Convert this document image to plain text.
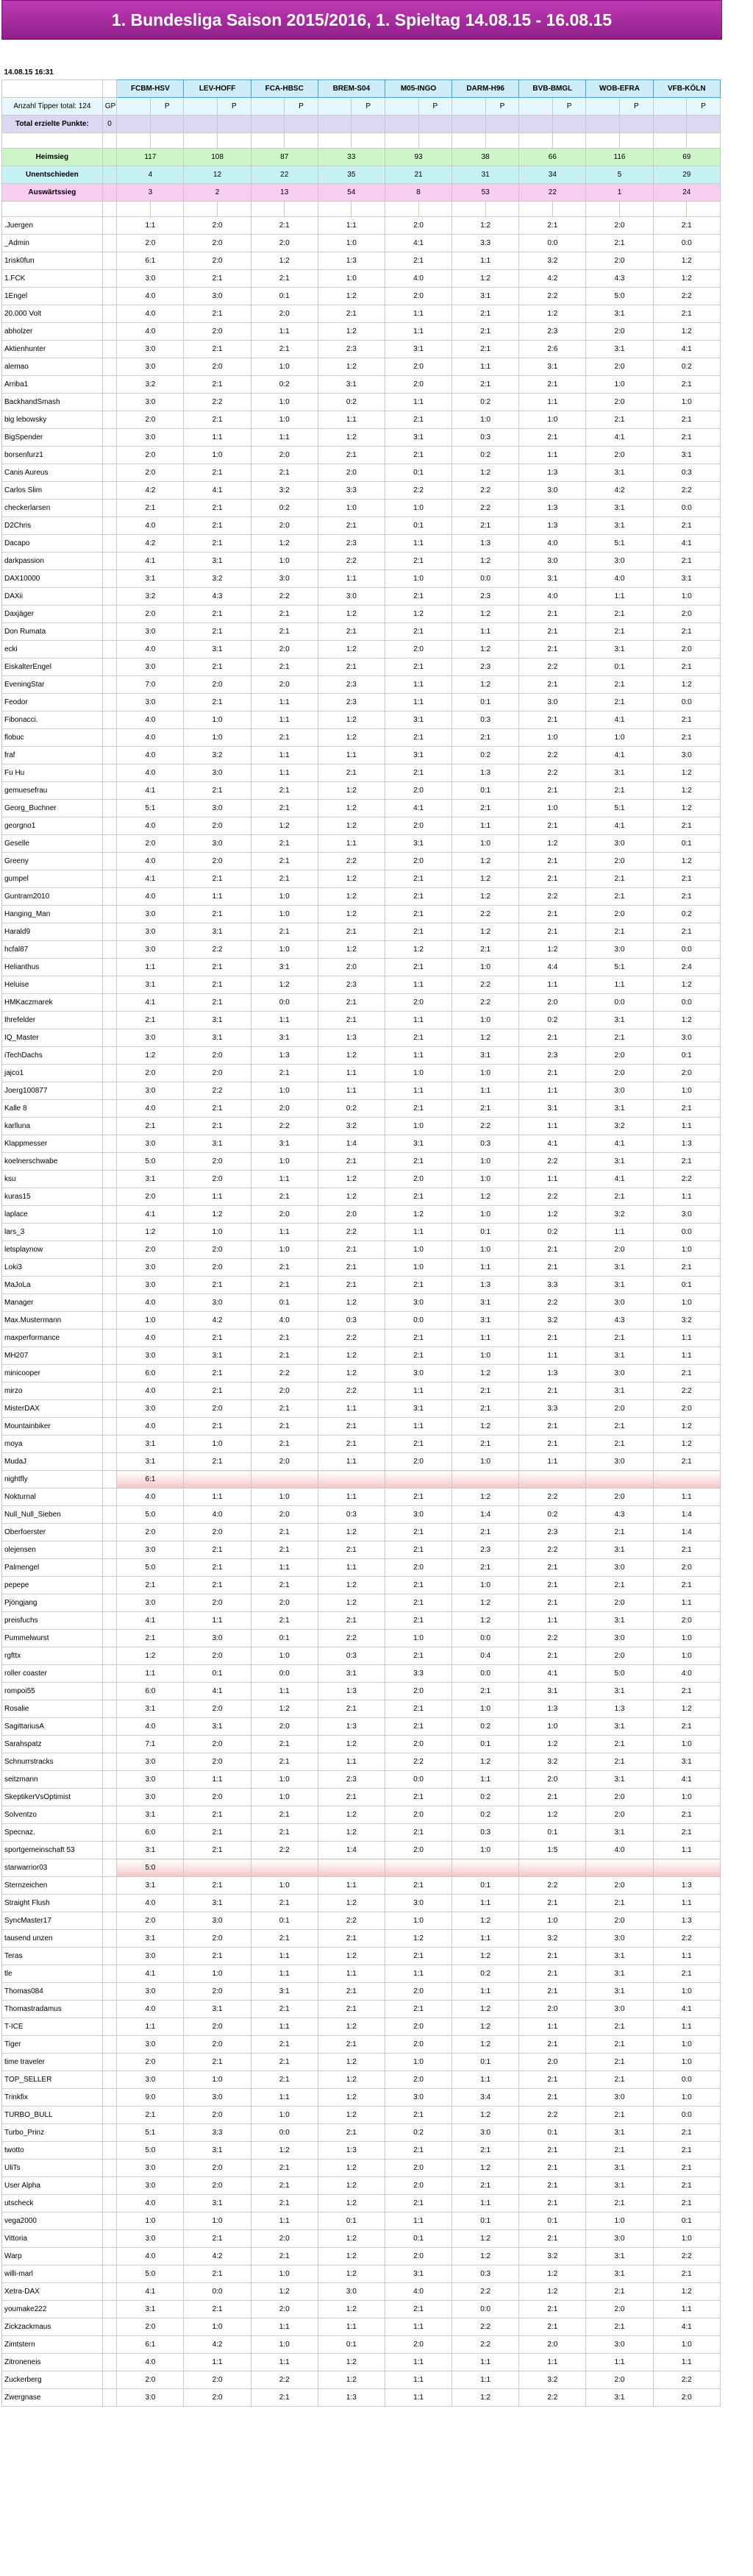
1. Bundesliga Saison 2015/2016, 1. Spieltag 14.08.15 - 16.08.15
14.08.15 16:31																			
		FCBM-HSV		LEV-HOFF		FCA-HBSC		BREM-S04		M05-INGO		DARM-H96		BVB-BMGL		WOB-EFRA		VFB-KÖLN	
Anzahl Tipper total: 124	GP		P		P		P		P		P		P		P		P		P
Total erzielte Punkte:	0																		

Heimsieg		117		108		87		33		93		38		66		116		69	
Unentschieden		4		12		22		35		21		31		34		5		29	
Auswärtssieg		3		2		13		54		8		53		22		1		24	

.Juergen		1:1		2:0		2:1		1:1		2:0		1:2		2:1		2:0		2:1	
_Admin		2:0		2:0		2:0		1:0		4:1		3:3		0:0		2:1		0:0	
1risk0fun		6:1		2:0		1:2		1:3		2:1		1:1		3:2		2:0		1:2	
1.FCK		3:0		2:1		2:1		1:0		4:0		1:2		4:2		4:3		1:2	
1Engel		4:0		3:0		0:1		1:2		2:0		3:1		2:2		5:0		2:2	
20.000 Volt		4:0		2:1		2:0		2:1		1:1		2:1		1:2		3:1		2:1	
abholzer		4:0		2:0		1:1		1:2		1:1		2:1		2:3		2:0		1:2	
Aktienhunter		3:0		2:1		2:1		2:3		3:1		2:1		2:6		3:1		4:1	
alemao		3:0		2:0		1:0		1:2		2:0		1:1		3:1		2:0		0:2	
Arriba1		3:2		2:1		0:2		3:1		2:0		2:1		2:1		1:0		2:1	
BackhandSmash		3:0		2:2		1:0		0:2		1:1		0:2		1:1		2:0		1:0	
big lebowsky		2:0		2:1		1:0		1:1		2:1		1:0		1:0		2:1		2:1	
BigSpender		3:0		1:1		1:1		1:2		3:1		0:3		2:1		4:1		2:1	
borsenfurz1		2:0		1:0		2:0		2:1		2:1		0:2		1:1		2:0		3:1	
Canis Aureus		2:0		2:1		2:1		2:0		0:1		1:2		1:3		3:1		0:3	
Carlos Slim		4:2		4:1		3:2		3:3		2:2		2:2		3:0		4:2		2:2	
checkerlarsen		2:1		2:1		0:2		1:0		1:0		2:2		1:3		3:1		0:0	
D2Chris		4:0		2:1		2:0		2:1		0:1		2:1		1:3		3:1		2:1	
Dacapo		4:2		2:1		1:2		2:3		1:1		1:3		4:0		5:1		4:1	
darkpassion		4:1		3:1		1:0		2:2		2:1		1:2		3:0		3:0		2:1	
DAX10000		3:1		3:2		3:0		1:1		1:0		0:0		3:1		4:0		3:1	
DAXii		3:2		4:3		2:2		3:0		2:1		2:3		4:0		1:1		1:0	
Daxjäger		2:0		2:1		2:1		1:2		1:2		1:2		2:1		2:1		2:0	
Don Rumata		3:0		2:1		2:1		2:1		2:1		1:1		2:1		2:1		2:1	
ecki		4:0		3:1		2:0		1:2		2:0		1:2		2:1		3:1		2:0	
EiskalterEngel		3:0		2:1		2:1		2:1		2:1		2:3		2:2		0:1		2:1	
EveningStar		7:0		2:0		2:0		2:3		1:1		1:2		2:1		2:1		1:2	
Feodor		3:0		2:1		1:1		2:3		1:1		0:1		3:0		2:1		0:0	
Fibonacci.		4:0		1:0		1:1		1:2		3:1		0:3		2:1		4:1		2:1	
flobuc		4:0		1:0		2:1		1:2		2:1		2:1		1:0		1:0		2:1	
fraf		4:0		3:2		1:1		1:1		3:1		0:2		2:2		4:1		3:0	
Fu Hu		4:0		3:0		1:1		2:1		2:1		1:3		2:2		3:1		1:2	
gemuesefrau		4:1		2:1		2:1		1:2		2:0		0:1		2:1		2:1		1:2	
Georg_Buchner		5:1		3:0		2:1		1:2		4:1		2:1		1:0		5:1		1:2	
georgno1		4:0		2:0		1:2		1:2		2:0		1:1		2:1		4:1		2:1	
Geselle		2:0		3:0		2:1		1:1		3:1		1:0		1:2		3:0		0:1	
Greeny		4:0		2:0		2:1		2:2		2:0		1:2		2:1		2:0		1:2	
gumpel		4:1		2:1		2:1		1:2		2:1		1:2		2:1		2:1		2:1	
Guntram2010		4:0		1:1		1:0		1:2		2:1		1:2		2:2		2:1		2:1	
Hanging_Man		3:0		2:1		1:0		1:2		2:1		2:2		2:1		2:0		0:2	
Harald9		3:0		3:1		2:1		2:1		2:1		1:2		2:1		2:1		2:1	
hcfal87		3:0		2:2		1:0		1:2		1:2		2:1		1:2		3:0		0:0	
Helianthus		1:1		2:1		3:1		2:0		2:1		1:0		4:4		5:1		2:4	
Heluise		3:1		2:1		1:2		2:3		1:1		2:2		1:1		1:1		1:2	
HMKaczmarek		4:1		2:1		0:0		2:1		2:0		2:2		2:0		0:0		0:0	
Ihrefelder		2:1		3:1		1:1		2:1		1:1		1:0		0:2		3:1		1:2	
IQ_Master		3:0		3:1		3:1		1:3		2:1		1:2		2:1		2:1		3:0	
iTechDachs		1:2		2:0		1:3		1:2		1:1		3:1		2:3		2:0		0:1	
jajco1		2:0		2:0		2:1		1:1		1:0		1:0		2:1		2:0		2:0	
Joerg100877		3:0		2:2		1:0		1:1		1:1		1:1		1:1		3:0		1:0	
Kalle 8		4:0		2:1		2:0		0:2		2:1		2:1		3:1		3:1		2:1	
karlluna		2:1		2:1		2:2		3:2		1:0		2:2		1:1		3:2		1:1	
Klappmesser		3:0		3:1		3:1		1:4		3:1		0:3		4:1		4:1		1:3	
koelnerschwabe		5:0		2:0		1:0		2:1		2:1		1:0		2:2		3:1		2:1	
ksu		3:1		2:0		1:1		1:2		2:0		1:0		1:1		4:1		2:2	
kuras15		2:0		1:1		2:1		1:2		2:1		1:2		2:2		2:1		1:1	
laplace		4:1		1:2		2:0		2:0		1:2		1:0		1:2		3:2		3:0	
lars_3		1:2		1:0		1:1		2:2		1:1		0:1		0:2		1:1		0:0	
letsplaynow		2:0		2:0		1:0		2:1		1:0		1:0		2:1		2:0		1:0	
Loki3		3:0		2:0		2:1		2:1		1:0		1:1		2:1		3:1		2:1	
MaJoLa		3:0		2:1		2:1		2:1		2:1		1:3		3:3		3:1		0:1	
Manager		4:0		3:0		0:1		1:2		3:0		3:1		2:2		3:0		1:0	
Max.Mustermann		1:0		4:2		4:0		0:3		0:0		3:1		3:2		4:3		3:2	
maxperformance		4:0		2:1		2:1		2:2		2:1		1:1		2:1		2:1		1:1	
MH207		3:0		3:1		2:1		1:2		2:1		1:0		1:1		3:1		1:1	
minicooper		6:0		2:1		2:2		1:2		3:0		1:2		1:3		3:0		2:1	
mirzo		4:0		2:1		2:0		2:2		1:1		2:1		2:1		3:1		2:2	
MisterDAX		3:0		2:0		2:1		1:1		3:1		2:1		3:3		2:0		2:0	
Mountainbiker		4:0		2:1		2:1		2:1		1:1		1:2		2:1		2:1		1:2	
moya		3:1		1:0		2:1		2:1		2:1		2:1		2:1		2:1		1:2	
MudaJ		3:1		2:1		2:0		1:1		2:0		1:0		1:1		3:0		2:1	
nightfly		6:1																	
Nokturnal		4:0		1:1		1:0		1:1		2:1		1:2		2:2		2:0		1:1	
Null_Null_Sieben		5:0		4:0		2:0		0:3		3:0		1:4		0:2		4:3		1:4	
Oberfoerster		2:0		2:0		2:1		1:2		2:1		2:1		2:3		2:1		1:4	
olejensen		3:0		2:1		2:1		2:1		2:1		2:3		2:2		3:1		2:1	
Palmengel		5:0		2:1		1:1		1:1		2:0		2:1		2:1		3:0		2:0	
pepepe		2:1		2:1		2:1		1:2		2:1		1:0		2:1		2:1		2:1	
Pjöngjang		3:0		2:0		2:0		1:2		2:1		1:2		2:1		2:0		1:1	
preisfuchs		4:1		1:1		2:1		2:1		2:1		1:2		1:1		3:1		2:0	
Pummelwurst		2:1		3:0		0:1		2:2		1:0		0:0		2:2		3:0		1:0	
rgfttx		1:2		2:0		1:0		0:3		2:1		0:4		2:1		2:0		1:0	
roller coaster		1:1		0:1		0:0		3:1		3:3		0:0		4:1		5:0		4:0	
rompoi55		6:0		4:1		1:1		1:3		2:0		2:1		3:1		3:1		2:1	
Rosalie		3:1		2:0		1:2		2:1		2:1		1:0		1:3		1:3		1:2	
SagittariusA		4:0		3:1		2:0		1:3		2:1		0:2		1:0		3:1		2:1	
Sarahspatz		7:1		2:0		2:1		1:2		2:0		0:1		1:2		2:1		1:0	
Schnurrstracks		3:0		2:0		2:1		1:1		2:2		1:2		3:2		2:1		3:1	
seitzmann		3:0		1:1		1:0		2:3		0:0		1:1		2:0		3:1		4:1	
SkeptikerVsOptimist		3:0		2:0		1:0		2:1		2:1		0:2		2:1		2:0		1:0	
Solventzo		3:1		2:1		2:1		1:2		2:0		0:2		1:2		2:0		2:1	
Specnaz.		6:0		2:1		2:1		1:2		2:1		0:3		0:1		3:1		2:1	
sportgemeinschaft 53		3:1		2:1		2:2		1:4		2:0		1:0		1:5		4:0		1:1	
starwarrior03		5:0																	
Sternzeichen		3:1		2:1		1:0		1:1		2:1		0:1		2:2		2:0		1:3	
Straight Flush		4:0		3:1		2:1		1:2		3:0		1:1		2:1		2:1		1:1	
SyncMaster17		2:0		3:0		0:1		2:2		1:0		1:2		1:0		2:0		1:3	
tausend unzen		3:1		2:0		2:1		2:1		1:2		1:1		3:2		3:0		2:2	
Teras		3:0		2:1		1:1		1:2		2:1		1:2		2:1		3:1		1:1	
tle		4:1		1:0		1:1		1:1		1:1		0:2		2:1		3:1		2:1	
Thomas084		3:0		2:0		3:1		2:1		2:0		1:1		2:1		3:1		1:0	
Thomastradamus		4:0		3:1		2:1		2:1		2:1		1:2		2:0		3:0		4:1	
T-ICE		1:1		2:0		1:1		1:2		2:0		1:2		1:1		2:1		1:1	
Tiger		3:0		2:0		2:1		2:1		2:0		1:2		2:1		2:1		1:0	
time traveler		2:0		2:1		2:1		1:2		1:0		0:1		2:0		2:1		1:0	
TOP_SELLER		3:0		1:0		2:1		1:2		2:0		1:1		2:1		2:1		0:0	
Trinkfix		9:0		3:0		1:1		1:2		3:0		3:4		2:1		3:0		1:0	
TURBO_BULL		2:1		2:0		1:0		1:2		2:1		1:2		2:2		2:1		0:0	
Turbo_Prinz		5:1		3:3		0:0		2:1		0:2		3:0		0:1		3:1		2:1	
twotto		5:0		3:1		1:2		1:3		2:1		2:1		2:1		2:1		2:1	
UliTs		3:0		2:0		2:1		1:2		2:0		1:2		2:1		3:1		2:1	
User Alpha		3:0		2:0		2:1		1:2		2:0		2:1		2:1		3:1		2:1	
utscheck		4:0		3:1		2:1		1:2		2:1		1:1		2:1		2:1		2:1	
vega2000		1:0		1:0		1:1		0:1		1:1		0:1		0:1		1:0		0:1	
Vittoria		3:0		2:1		2:0		1:2		0:1		1:2		2:1		3:0		1:0	
Warp		4:0		4:2		2:1		1:2		2:0		1:2		3:2		3:1		2:2	
willi-marl		5:0		2:1		1:0		1:2		3:1		0:3		1:2		3:1		2:1	
Xetra-DAX		4:1		0:0		1:2		3:0		4:0		2:2		1:2		2:1		1:2	
youmake222		3:1		2:1		2:0		1:2		2:1		0:0		2:1		2:0		1:1	
Zickzackmaus		2:0		1:0		1:1		1:1		1:1		2:2		2:1		2:1		4:1	
Zimtstern		6:1		4:2		1:0		0:1		2:0		2:2		2:0		3:0		1:0	
Zitroneneis		4:0		1:1		1:1		1:2		1:1		1:1		1:1		1:1		1:1	
Zuckerberg		2:0		2:0		2:2		1:2		1:1		1:1		3:2		2:0		2:2	
Zwergnase		3:0		2:0		2:1		1:3		1:1		1:2		2:2		3:1		2:0	
